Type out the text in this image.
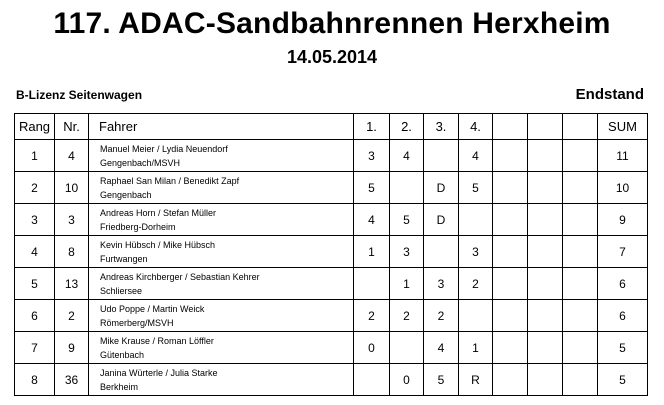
117. ADAC-Sandbahnrennen Herxheim
14.05.2014
B-Lizenz Seitenwagen	Endstand
Rang	Nr.	Fahrer	1.	2.	3.	4.				SUM
1	4	Manuel Meier / Lydia Neuendorf
Gengenbach/MSVH	3	4		4				11
2	10	Raphael San Milan / Benedikt Zapf
Gengenbach	5		D	5				10
3	3	Andreas Horn / Stefan Müller
Friedberg-Dorheim	4	5	D					9
4	8	Kevin Hübsch / Mike Hübsch
Furtwangen	1	3		3				7
5	13	Andreas Kirchberger / Sebastian Kehrer
Schliersee		1	3	2				6
6	2	Udo Poppe / Martin Weick
Römerberg/MSVH	2	2	2					6
7	9	Mike Krause / Roman Löffler
Gütenbach	0		4	1				5
8	36	Janina Würterle / Julia Starke
Berkheim		0	5	R				5
